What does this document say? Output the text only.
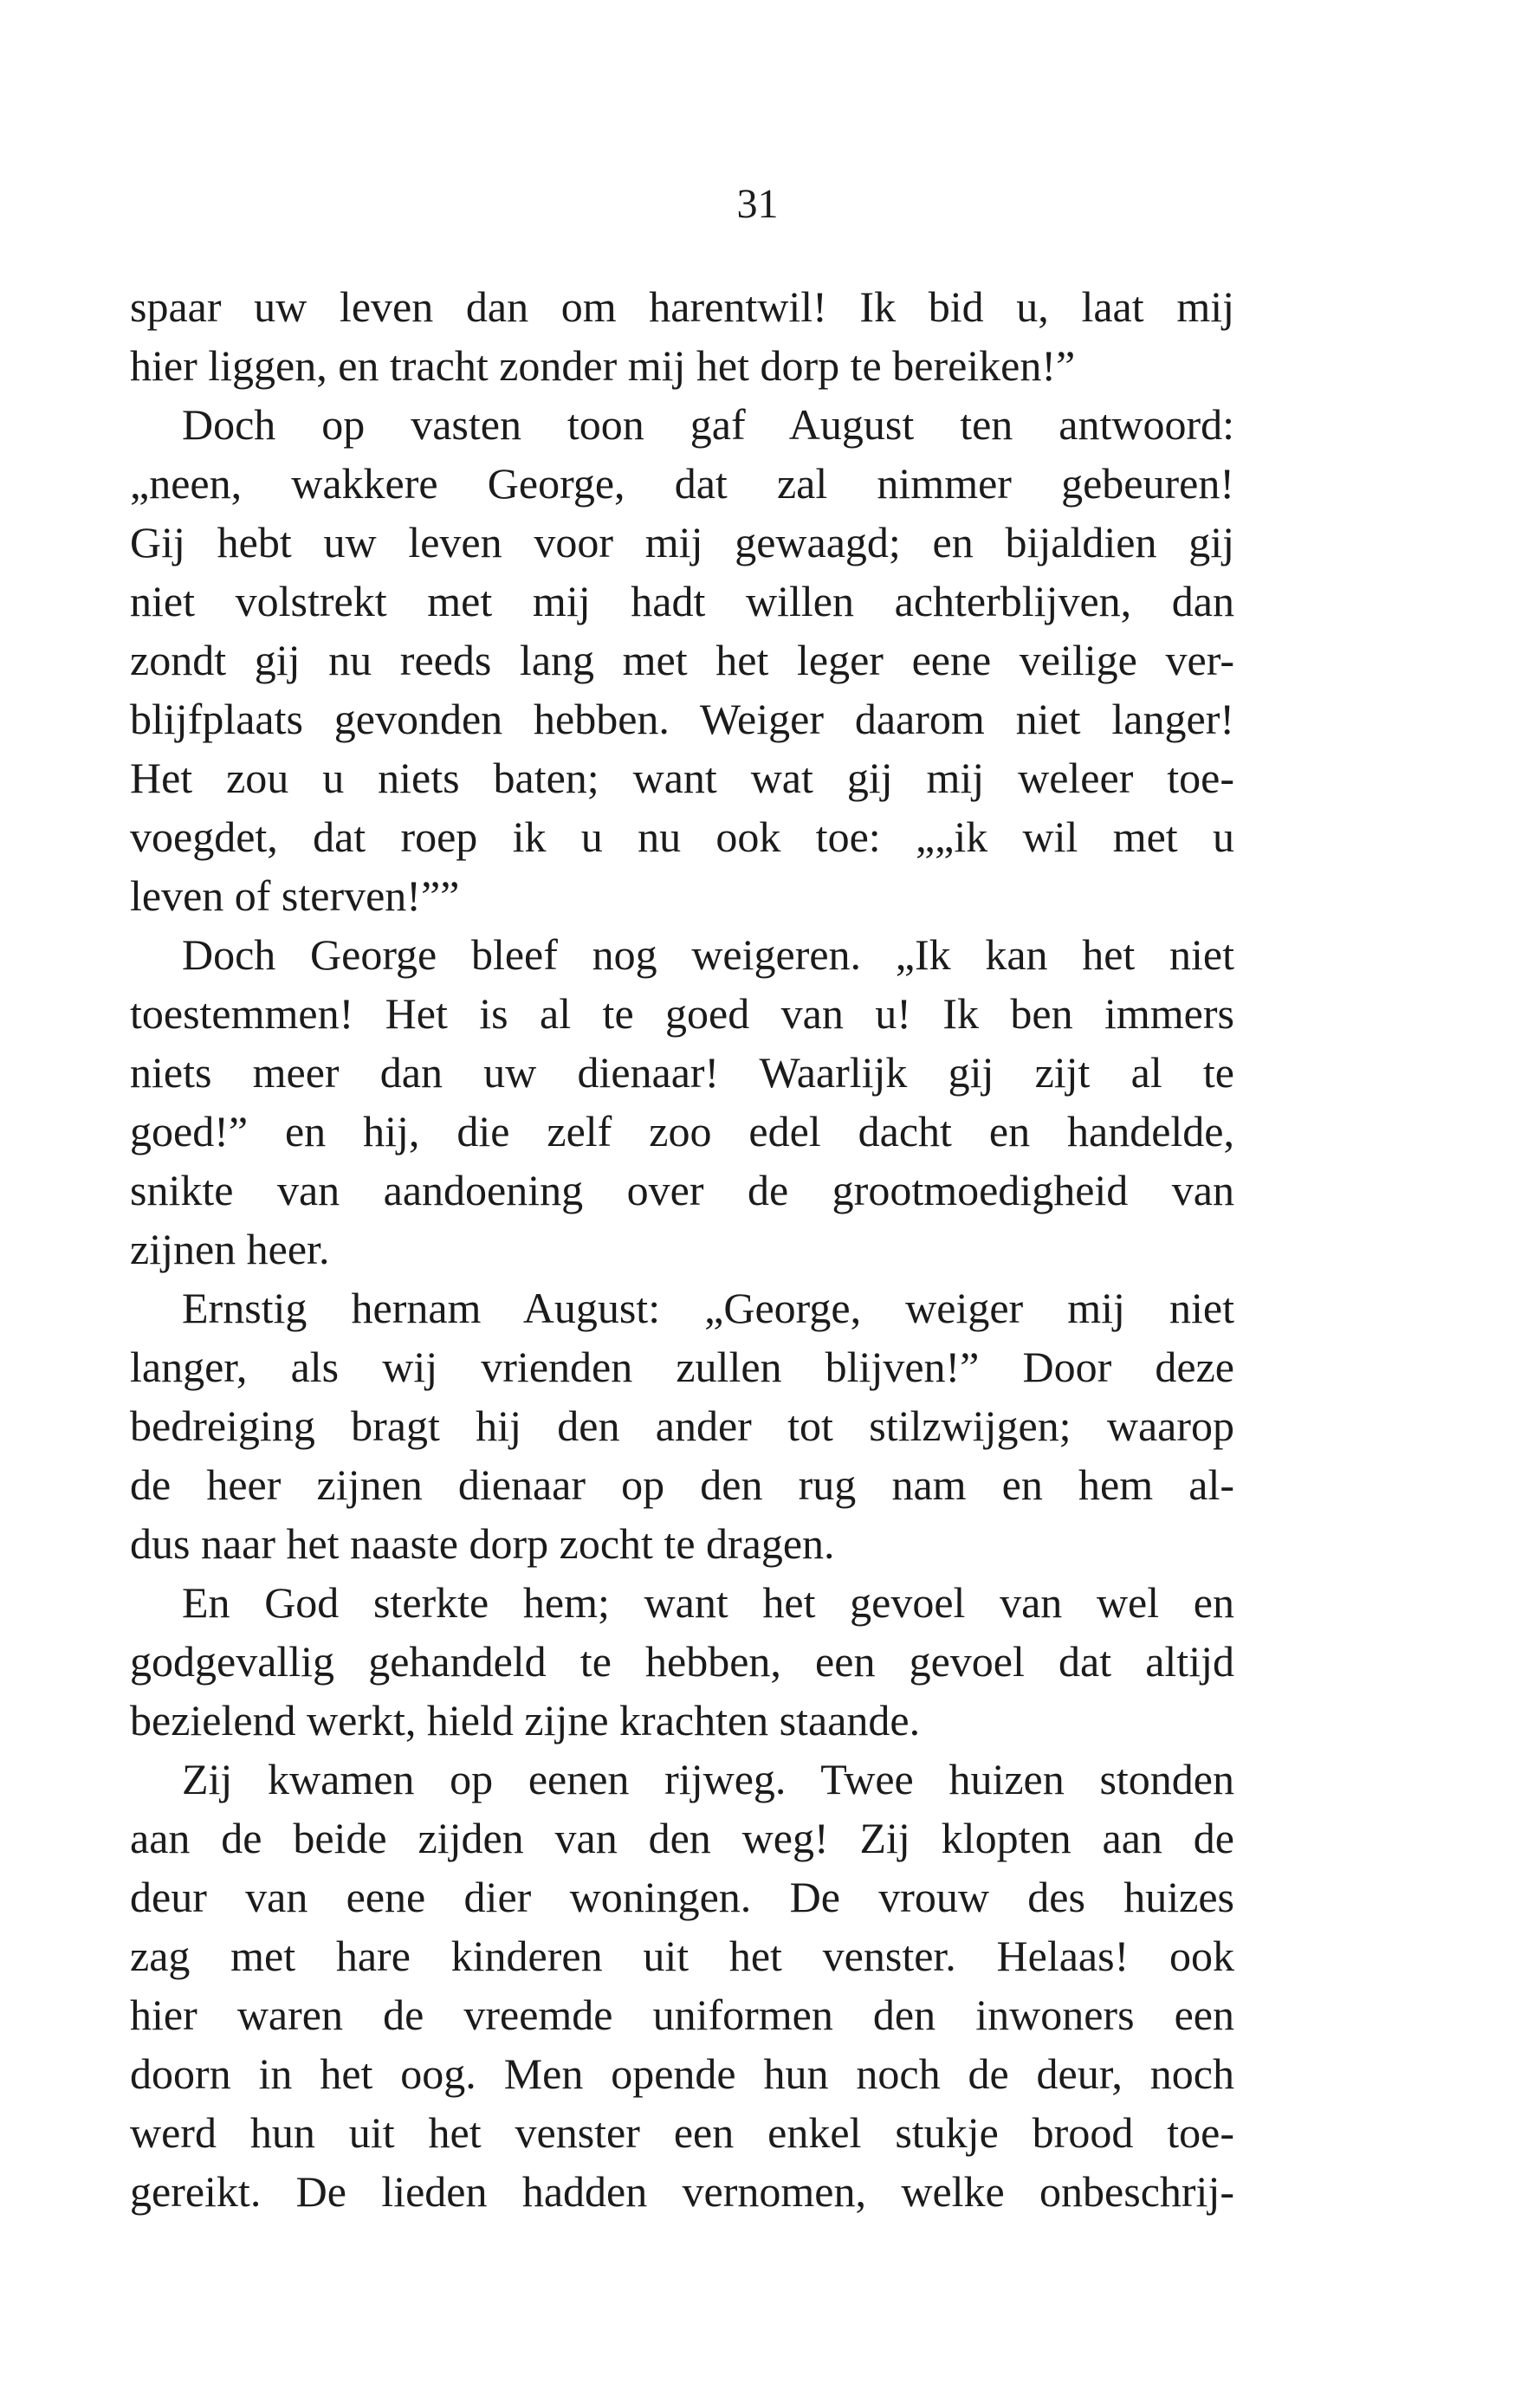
31
spaar uw leven dan om harentwil! Ik bid u, laat mij
hier liggen, en tracht zonder mij het dorp te bereiken!”
Doch op vasten toon gaf August ten antwoord:
„neen, wakkere George, dat zal nimmer gebeuren!
Gij hebt uw leven voor mij gewaagd; en bijaldien gij
niet volstrekt met mij hadt willen achterblijven, dan
zondt gij nu reeds lang met het leger eene veilige ver-
blijfplaats gevonden hebben. Weiger daarom niet langer!
Het zou u niets baten; want wat gij mij weleer toe-
voegdet, dat roep ik u nu ook toe: „„ik wil met u
leven of sterven!””
Doch George bleef nog weigeren. „Ik kan het niet
toestemmen! Het is al te goed van u! Ik ben immers
niets meer dan uw dienaar! Waarlijk gij zijt al te
goed!” en hij, die zelf zoo edel dacht en handelde,
snikte van aandoening over de grootmoedigheid van
zijnen heer.
Ernstig hernam August: „George, weiger mij niet
langer, als wij vrienden zullen blijven!” Door deze
bedreiging bragt hij den ander tot stilzwijgen; waarop
de heer zijnen dienaar op den rug nam en hem al-
dus naar het naaste dorp zocht te dragen.
En God sterkte hem; want het gevoel van wel en
godgevallig gehandeld te hebben, een gevoel dat altijd
bezielend werkt, hield zijne krachten staande.
Zij kwamen op eenen rijweg. Twee huizen stonden
aan de beide zijden van den weg! Zij klopten aan de
deur van eene dier woningen. De vrouw des huizes
zag met hare kinderen uit het venster. Helaas! ook
hier waren de vreemde uniformen den inwoners een
doorn in het oog. Men opende hun noch de deur, noch
werd hun uit het venster een enkel stukje brood toe-
gereikt. De lieden hadden vernomen, welke onbeschrij-
